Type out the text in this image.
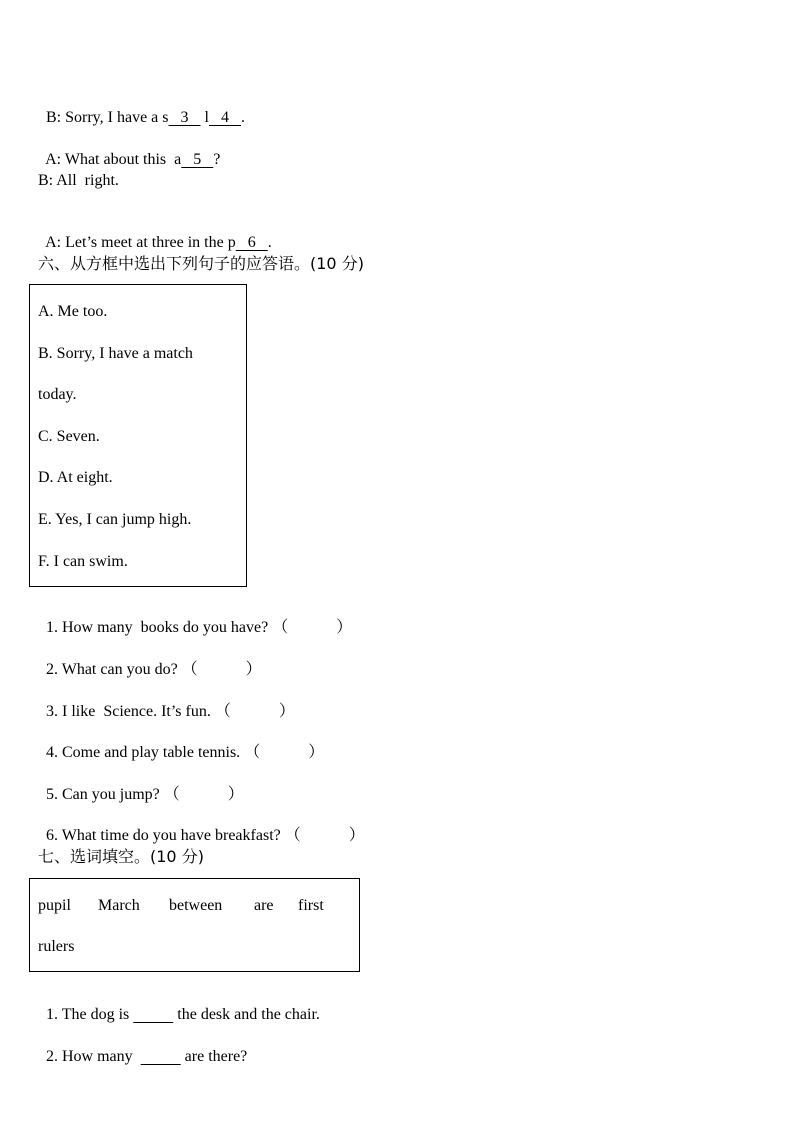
B: Sorry, I have a s   3    l   4   .

A: What about this  a   5   ?

B: All  right.

A: Let’s meet at three in the p   6   .

六、从方框中选出下列句子的应答语。(10 分)
A. Me too.
B. Sorry, I have a match
today.
C. Seven.
D. At eight.
E. Yes, I can jump high.
F. I can swim.

1. How many  books do you have? （            ）

2. What can you do? （            ）

3. I like  Science. It’s fun. （            ）

4. Come and play table tennis. （            ）

5. Can you jump? （            ）

6. What time do you have breakfast? （            ）

七、选词填空。(10 分)
pupil March between are first
rulers

1. The dog is	the desk and the chair.

2. How many	are there?
